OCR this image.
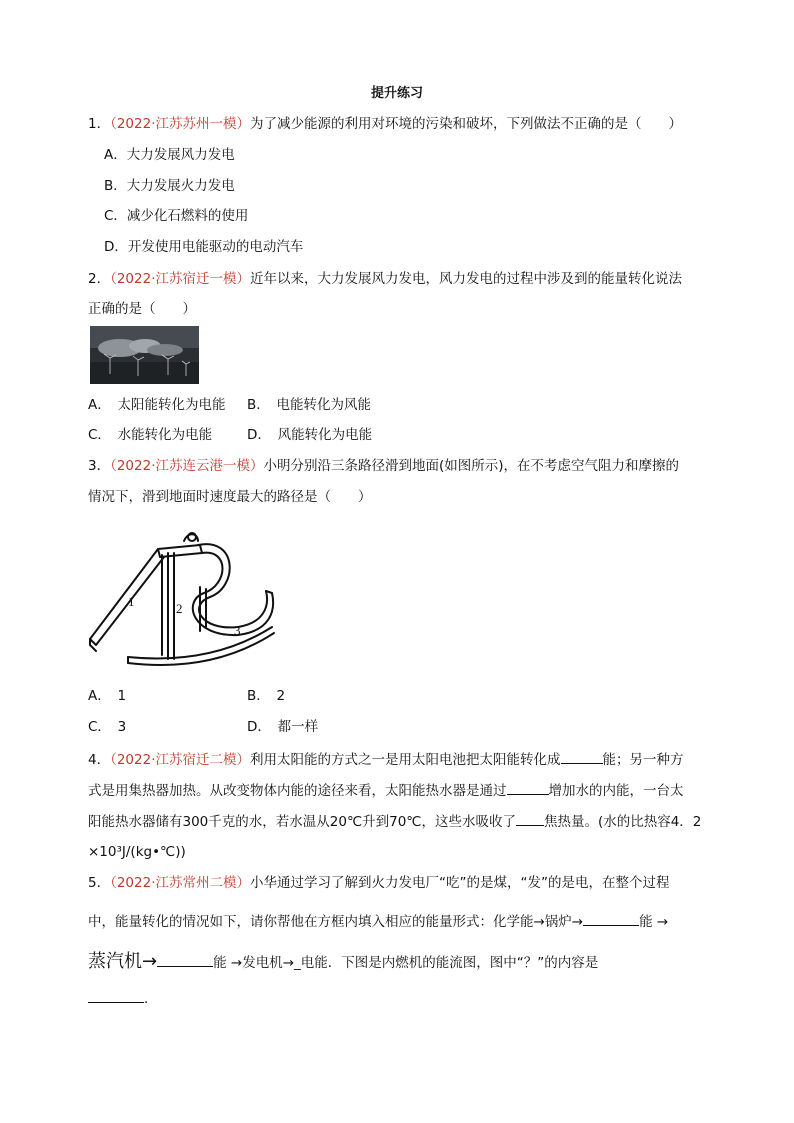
提升练习
1．（2022·江苏苏州一模）为了减少能源的利用对环境的污染和破坏，下列做法不正确的是（　　）
A．大力发展风力发电
B．大力发展火力发电
C．减少化石燃料的使用
D．开发使用电能驱动的电动汽车
2．（2022·江苏宿迁一模）近年以来，大力发展风力发电，风力发电的过程中涉及到的能量转化说法
正确的是（　　）
A．　太阳能转化为电能 B．　电能转化为风能
C．　水能转化为电能	D．　风能转化为电能
3．（2022·江苏连云港一模）小明分别沿三条路径滑到地面(如图所示)，在不考虑空气阻力和摩擦的
情况下，滑到地面时速度最大的路径是（　　）
1	2
3
A．　1	B．　2
C．　3	D．　都一样
4．（2022·江苏宿迁二模）利用太阳能的方式之一是用太阳电池把太阳能转化成	能；另一种方
式是用集热器加热。从改变物体内能的途径来看，太阳能热水器是通过	增加水的内能，一台太
阳能热水器储有300千克的水，若水温从20℃升到70℃，这些水吸收了 焦热量。(水的比热容4．2
×10³J/(kg•℃))
5．（2022·江苏常州二模）小华通过学习了解到火力发电厂“吃”的是煤，“发”的是电，在整个过程
中，能量转化的情况如下，请你帮他在方框内填入相应的能量形式：化学能→锅炉→	能 →
蒸汽机→	能 →发电机→_电能．下图是内燃机的能流图，图中“？”的内容是
.
